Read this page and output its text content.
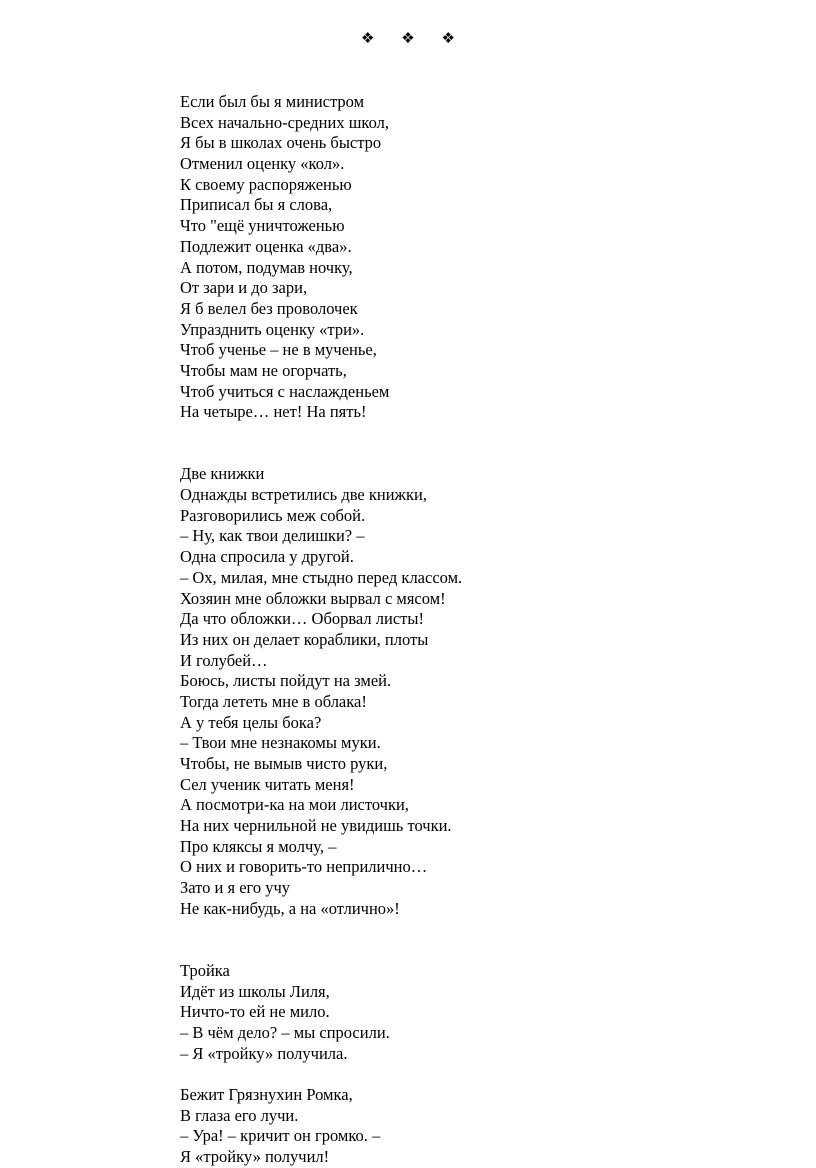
❖ ❖ ❖
Если был бы я министром
Всех начально-средних школ,
Я бы в школах очень быстро
Отменил оценку «кол».
К своему распоряженью
Приписал бы я слова,
Что "ещё уничтоженью
Подлежит оценка «два».
А потом, подумав ночку,
От зари и до зари,
Я б велел без проволочек
Упразднить оценку «три».
Чтоб ученье – не в мученье,
Чтобы мам не огорчать,
Чтоб учиться с наслажденьем
На четыре… нет! На пять!
Две книжки
Однажды встретились две книжки,
Разговорились меж собой.
– Ну, как твои делишки? –
Одна спросила у другой.
– Ох, милая, мне стыдно перед классом.
Хозяин мне обложки вырвал с мясом!
Да что обложки… Оборвал листы!
Из них он делает кораблики, плоты
И голубей…
Боюсь, листы пойдут на змей.
Тогда лететь мне в облака!
А у тебя целы бока?
– Твои мне незнакомы муки.
Чтобы, не вымыв чисто руки,
Сел ученик читать меня!
А посмотри-ка на мои листочки,
На них чернильной не увидишь точки.
Про кляксы я молчу, –
О них и говорить-то неприлично…
Зато и я его учу
Не как-нибудь, а на «отлично»!
Тройка
Идёт из школы Лиля,
Ничто-то ей не мило.
– В чём дело? – мы спросили.
– Я «тройку» получила.
Бежит Грязнухин Ромка,
В глаза его лучи.
– Ура! – кричит он громко. –
Я «тройку» получил!
